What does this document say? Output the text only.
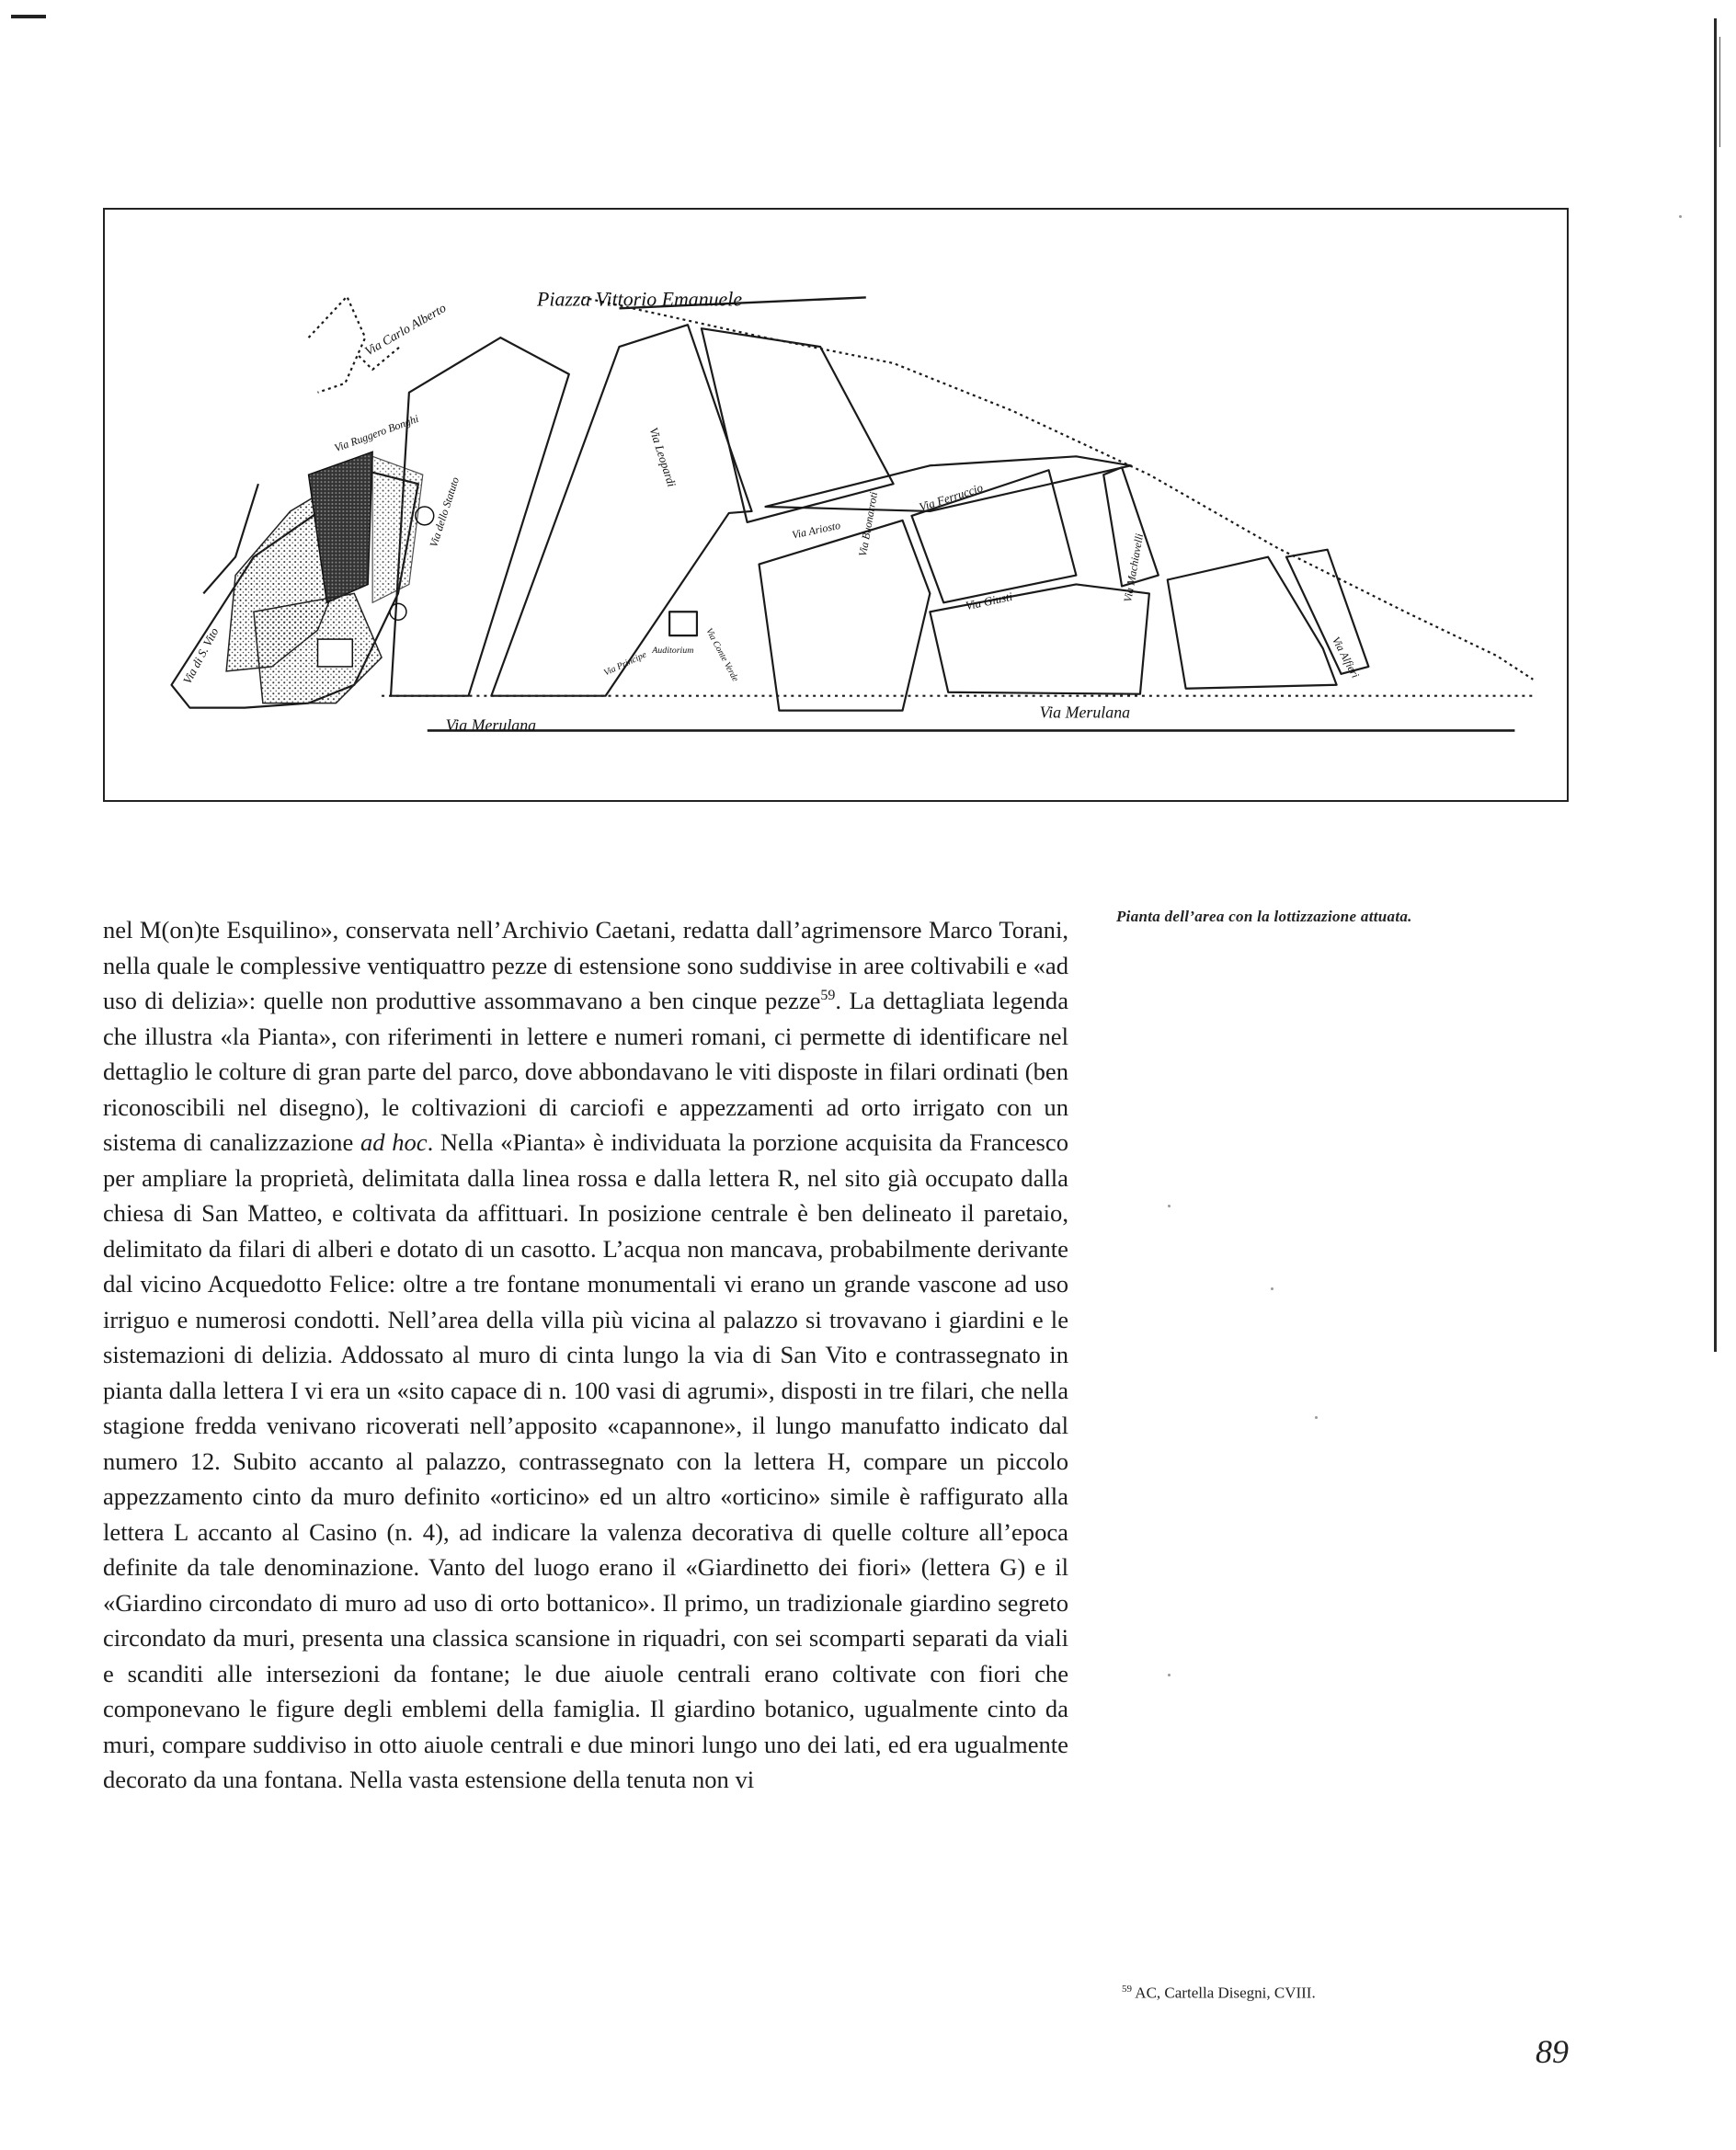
Piazza Vittorio Emanuele
Via Carlo Alberto
Via Merulana
Via Merulana
Via di S. Vito
Via Ruggero Bonghi	Via Leopardi
Via Buonarroti
Via Machiavelli
Via Giusti
Via Ferruccio
Via dello Statuto
Auditorium
Via Ariosto
Via Principe	Via Conte Verde	Via Alfieri
Pianta dell’area con la lottizzazione attuata.

nel M(on)te Esquilino», conservata nell’Archivio Caetani, redatta dall’agrimensore Marco Torani, nella quale le complessive ventiquattro pezze di estensione sono suddivise in aree coltivabili e «ad uso di delizia»: quelle non produttive assommavano a ben cinque pezze$^{59}$. La dettagliata legenda che illustra «la Pianta», con riferimenti in lettere e numeri romani, ci permette di identificare nel dettaglio le colture di gran parte del parco, dove abbondavano le viti disposte in filari ordinati (ben riconoscibili nel disegno), le coltivazioni di carciofi e appezzamenti ad orto irrigato con un sistema di canalizzazione ad hoc. Nella «Pianta» è individuata la porzione acquisita da Francesco per ampliare la proprietà, delimitata dalla linea rossa e dalla lettera R, nel sito già occupato dalla chiesa di San Matteo, e coltivata da affittuari. In posizione centrale è ben delineato il paretaio, delimitato da filari di alberi e dotato di un casotto. L’acqua non mancava, probabilmente derivante dal vicino Acquedotto Felice: oltre a tre fontane monumentali vi erano un grande vascone ad uso irriguo e numerosi condotti. Nell’area della villa più vicina al palazzo si trovavano i giardini e le sistemazioni di delizia. Addossato al muro di cinta lungo la via di San Vito e contrassegnato in pianta dalla lettera I vi era un «sito capace di n. 100 vasi di agrumi», disposti in tre filari, che nella stagione fredda venivano ricoverati nell’apposito «capannone», il lungo manufatto indicato dal numero 12. Subito accanto al palazzo, contrassegnato con la lettera H, compare un piccolo appezzamento cinto da muro definito «orticino» ed un altro «orticino» simile è raffigurato alla lettera L accanto al Casino (n. 4), ad indicare la valenza decorativa di quelle colture all’epoca definite da tale denominazione. Vanto del luogo erano il «Giardinetto dei fiori» (lettera G) e il «Giardino circondato di muro ad uso di orto bottanico». Il primo, un tradizionale giardino segreto circondato da muri, presenta una classica scansione in riquadri, con sei scomparti separati da viali e scanditi alle intersezioni da fontane; le due aiuole centrali erano coltivate con fiori che componevano le figure degli emblemi della famiglia. Il giardino botanico, ugualmente cinto da muri, compare suddiviso in otto aiuole centrali e due minori lungo uno dei lati, ed era ugualmente decorato da una fontana. Nella vasta estensione della tenuta non vi

$^{59}$ AC, Cartella Disegni, CVIII.
89
